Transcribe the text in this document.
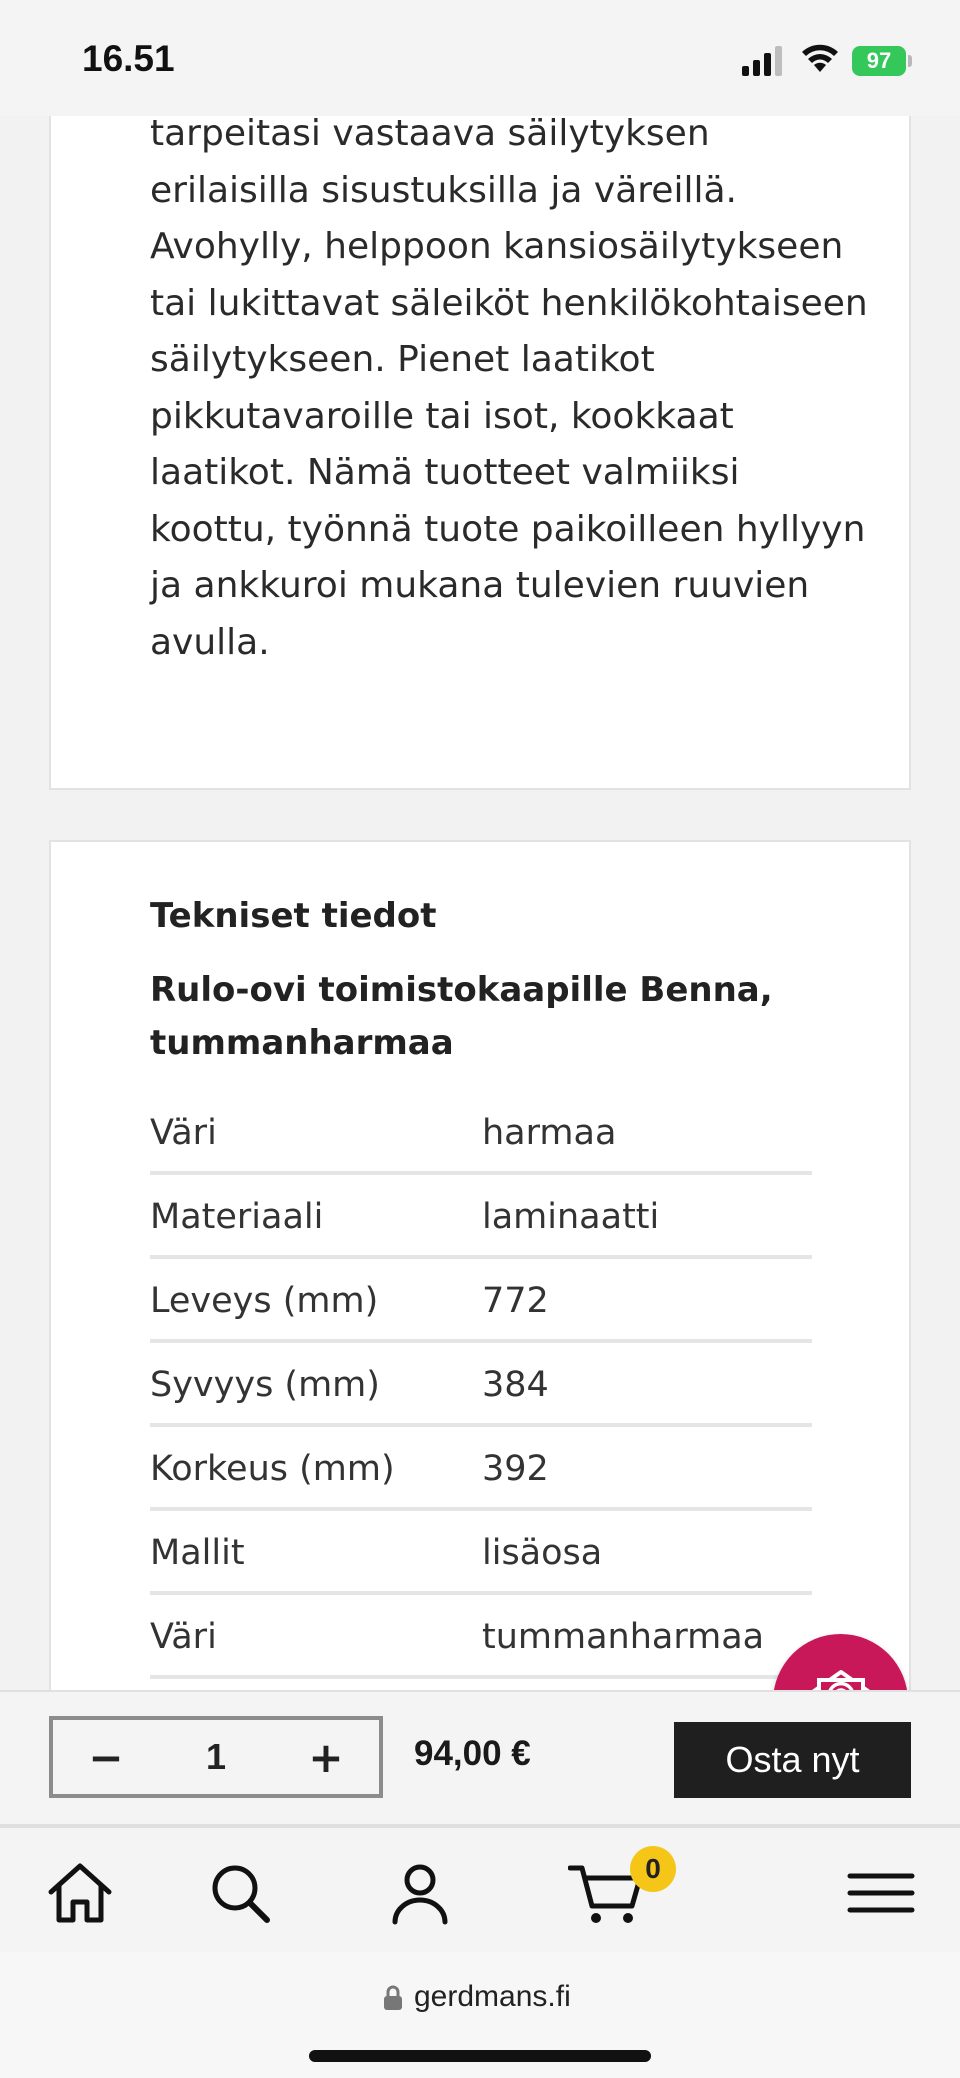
16.51	97

tarpeitasi vastaava säilytyksen erilaisilla sisustuksilla ja väreillä. Avohylly, helppoon kansiosäilytykseen tai lukittavat säleiköt henkilökohtaiseen säilytykseen. Pienet laatikot pikkutavaroille tai isot, kookkaat laatikot. Nämä tuotteet valmiiksi koottu, työnnä tuote paikoilleen hyllyyn ja ankkuroi mukana tulevien ruuvien avulla.

Tekniset tiedot
Rulo-ovi toimistokaapille Benna, tummanharmaa
Väri	harmaa
Materiaali	laminaatti
Leveys (mm)	772
Syvyys (mm)	384
Korkeus (mm) 392
Mallit	lisäosa
Väri	tummanharmaa
−	1	+	94,00 €	Osta nyt
0
gerdmans.fi
